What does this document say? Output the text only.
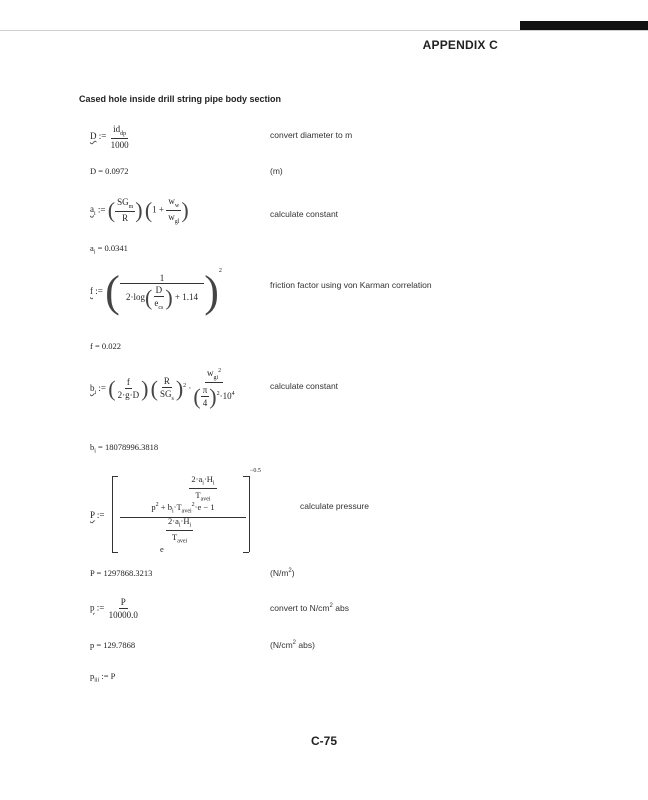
APPENDIX C
Cased hole inside drill string pipe body section
D := $\frac{id_{dp}}{1000}$	convert diameter to m
D = 0.0972	(m)
$a_i$ := ( $\frac{SG_m}{R}$ ) ($1 + \frac{w_w}{w_{gl}}$ )	calculate constant
$a_i = 0.0341$
f := ( $\frac{1}{2\cdot\log( \frac{D}{e_{cs}} ) + 1.14} )^2$
friction factor using von Karman correlation
f = 0.022
$b_i$ := ( $\frac{f}{2\cdot g\cdot D}$ ) ( $\frac{R}{SG_s} )^2 \cdot \frac{w_{gi}^2}{( \frac{\pi}{4} )^2\cdot 10^4}$	calculate constant
$b_i = 18078996.3818$
P :=
$\frac{2\cdot a_i\cdot H_i}{T_{avei}}$
$p^2 + b_i\cdot T_{avei}^2\cdot e - 1$
$^{-0.5}$
$\frac{2\cdot a_i\cdot H_i}{T_{avei}}$
e
calculate pressure
P = 1297868.3213	$(N/m^2)$
p := $\frac{P}{10000.0}$	convert to $N/cm^2$ abs
p = 129.7868	($N/cm^2$ abs)
$p_{iii}$ := P
C-75
